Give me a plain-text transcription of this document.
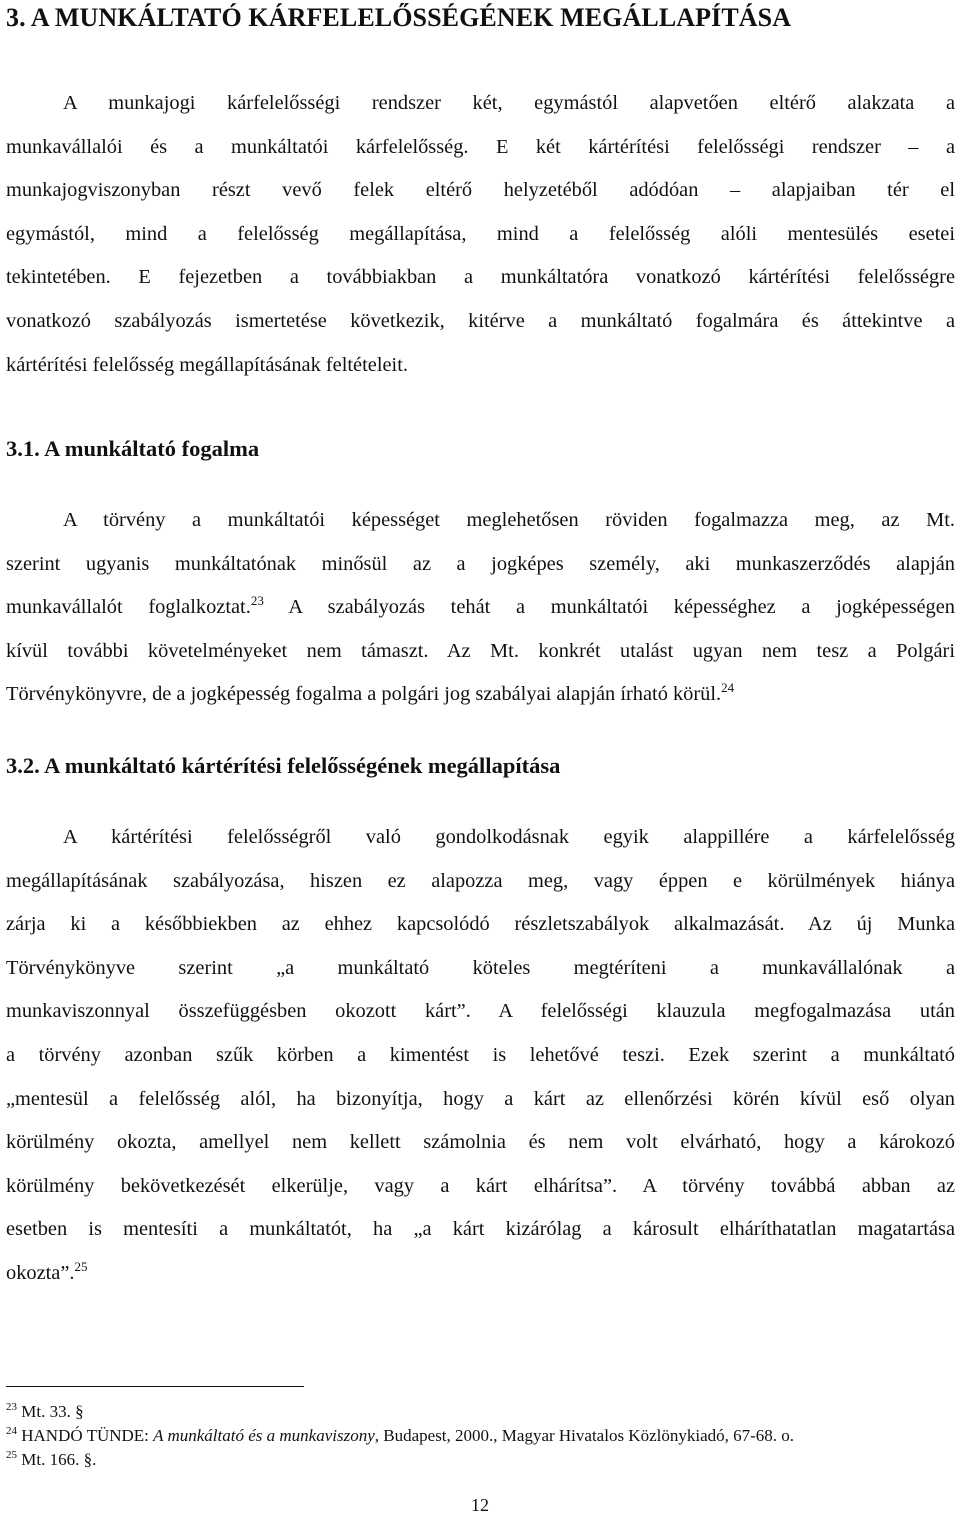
3. A MUNKÁLTATÓ KÁRFELELŐSSÉGÉNEK MEGÁLLAPÍTÁSA
A munkajogi kárfelelősségi rendszer két, egymástól alapvetően eltérő alakzata a
munkavállalói és a munkáltatói kárfelelősség. E két kártérítési felelősségi rendszer – a
munkajogviszonyban részt vevő felek eltérő helyzetéből adódóan – alapjaiban tér el
egymástól, mind a felelősség megállapítása, mind a felelősség alóli mentesülés esetei
tekintetében. E fejezetben a továbbiakban a munkáltatóra vonatkozó kártérítési felelősségre
vonatkozó szabályozás ismertetése következik, kitérve a munkáltató fogalmára és áttekintve a
kártérítési felelősség megállapításának feltételeit.
3.1. A munkáltató fogalma
A törvény a munkáltatói képességet meglehetősen röviden fogalmazza meg, az Mt.
szerint ugyanis munkáltatónak minősül az a jogképes személy, aki munkaszerződés alapján
munkavállalót foglalkoztat.$^{23}$ A szabályozás tehát a munkáltatói képességhez a jogképességen
kívül további követelményeket nem támaszt. Az Mt. konkrét utalást ugyan nem tesz a Polgári
Törvénykönyvre, de a jogképesség fogalma a polgári jog szabályai alapján írható körül.$^{24}$
3.2. A munkáltató kártérítési felelősségének megállapítása
A kártérítési felelősségről való gondolkodásnak egyik alappillére a kárfelelősség
megállapításának szabályozása, hiszen ez alapozza meg, vagy éppen e körülmények hiánya
zárja ki a későbbiekben az ehhez kapcsolódó részletszabályok alkalmazását. Az új Munka
Törvénykönyve szerint „a munkáltató köteles megtéríteni a munkavállalónak a
munkaviszonnyal összefüggésben okozott kárt”. A felelősségi klauzula megfogalmazása után
a törvény azonban szűk körben a kimentést is lehetővé teszi. Ezek szerint a munkáltató
„mentesül a felelősség alól, ha bizonyítja, hogy a kárt az ellenőrzési körén kívül eső olyan
körülmény okozta, amellyel nem kellett számolnia és nem volt elvárható, hogy a károkozó
körülmény bekövetkezését elkerülje, vagy a kárt elhárítsa”. A törvény továbbá abban az
esetben is mentesíti a munkáltatót, ha „a kárt kizárólag a károsult elháríthatatlan magatartása
okozta”.$^{25}$
$^{23}$ Mt. 33. §
$^{24}$ HANDÓ TÜNDE: A munkáltató és a munkaviszony, Budapest, 2000., Magyar Hivatalos Közlönykiadó, 67-68. o.
$^{25}$ Mt. 166. §.
12
